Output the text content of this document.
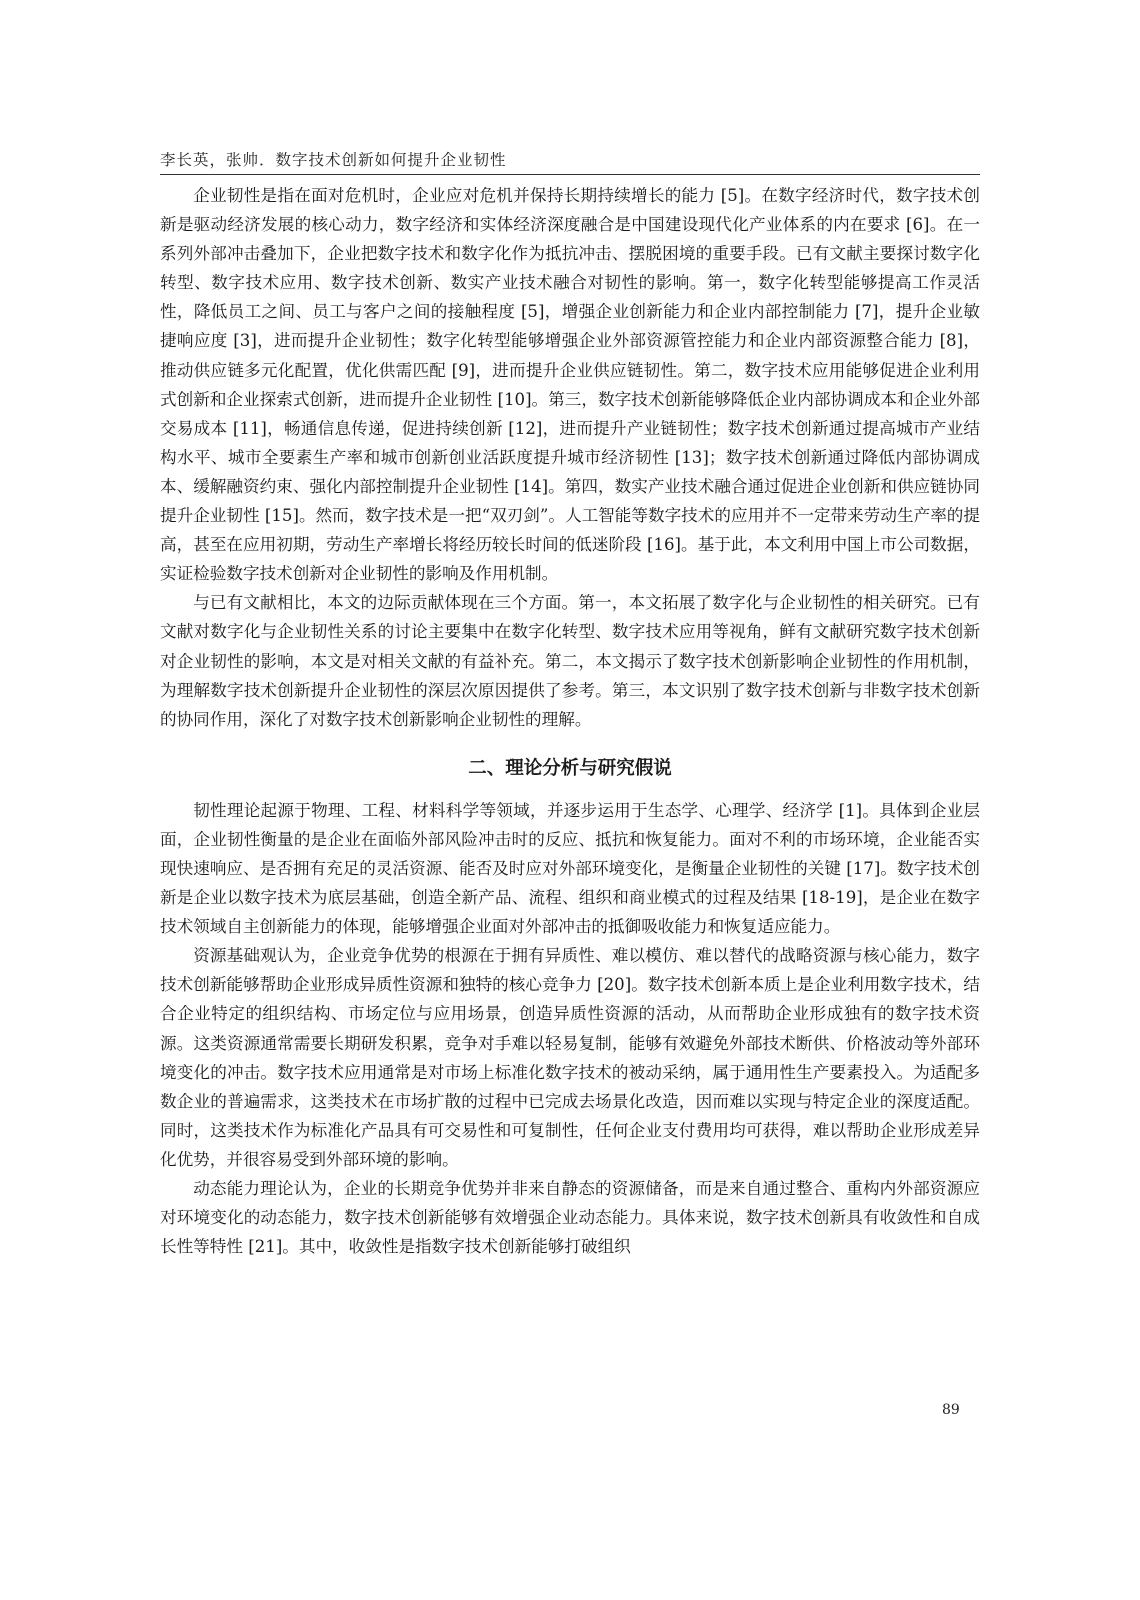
李长英，张帅．数字技术创新如何提升企业韧性

企业韧性是指在面对危机时，企业应对危机并保持长期持续增长的能力 [5]。在数字经济时代，数字技术创新是驱动经济发展的核心动力，数字经济和实体经济深度融合是中国建设现代化产业体系的内在要求 [6]。在一系列外部冲击叠加下，企业把数字技术和数字化作为抵抗冲击、摆脱困境的重要手段。已有文献主要探讨数字化转型、数字技术应用、数字技术创新、数实产业技术融合对韧性的影响。第一，数字化转型能够提高工作灵活性，降低员工之间、员工与客户之间的接触程度 [5]，增强企业创新能力和企业内部控制能力 [7]，提升企业敏捷响应度 [3]，进而提升企业韧性；数字化转型能够增强企业外部资源管控能力和企业内部资源整合能力 [8]，推动供应链多元化配置，优化供需匹配 [9]，进而提升企业供应链韧性。第二，数字技术应用能够促进企业利用式创新和企业探索式创新，进而提升企业韧性 [10]。第三，数字技术创新能够降低企业内部协调成本和企业外部交易成本 [11]，畅通信息传递，促进持续创新 [12]，进而提升产业链韧性；数字技术创新通过提高城市产业结构水平、城市全要素生产率和城市创新创业活跃度提升城市经济韧性 [13]；数字技术创新通过降低内部协调成本、缓解融资约束、强化内部控制提升企业韧性 [14]。第四，数实产业技术融合通过促进企业创新和供应链协同提升企业韧性 [15]。然而，数字技术是一把“双刃剑”。人工智能等数字技术的应用并不一定带来劳动生产率的提高，甚至在应用初期，劳动生产率增长将经历较长时间的低迷阶段 [16]。基于此，本文利用中国上市公司数据，实证检验数字技术创新对企业韧性的影响及作用机制。

与已有文献相比，本文的边际贡献体现在三个方面。第一，本文拓展了数字化与企业韧性的相关研究。已有文献对数字化与企业韧性关系的讨论主要集中在数字化转型、数字技术应用等视角，鲜有文献研究数字技术创新对企业韧性的影响，本文是对相关文献的有益补充。第二，本文揭示了数字技术创新影响企业韧性的作用机制，为理解数字技术创新提升企业韧性的深层次原因提供了参考。第三，本文识别了数字技术创新与非数字技术创新的协同作用，深化了对数字技术创新影响企业韧性的理解。

二、理论分析与研究假说

韧性理论起源于物理、工程、材料科学等领域，并逐步运用于生态学、心理学、经济学 [1]。具体到企业层面，企业韧性衡量的是企业在面临外部风险冲击时的反应、抵抗和恢复能力。面对不利的市场环境，企业能否实现快速响应、是否拥有充足的灵活资源、能否及时应对外部环境变化，是衡量企业韧性的关键 [17]。数字技术创新是企业以数字技术为底层基础，创造全新产品、流程、组织和商业模式的过程及结果 [18-19]，是企业在数字技术领域自主创新能力的体现，能够增强企业面对外部冲击的抵御吸收能力和恢复适应能力。

资源基础观认为，企业竞争优势的根源在于拥有异质性、难以模仿、难以替代的战略资源与核心能力，数字技术创新能够帮助企业形成异质性资源和独特的核心竞争力 [20]。数字技术创新本质上是企业利用数字技术，结合企业特定的组织结构、市场定位与应用场景，创造异质性资源的活动，从而帮助企业形成独有的数字技术资源。这类资源通常需要长期研发积累，竞争对手难以轻易复制，能够有效避免外部技术断供、价格波动等外部环境变化的冲击。数字技术应用通常是对市场上标准化数字技术的被动采纳，属于通用性生产要素投入。为适配多数企业的普遍需求，这类技术在市场扩散的过程中已完成去场景化改造，因而难以实现与特定企业的深度适配。同时，这类技术作为标准化产品具有可交易性和可复制性，任何企业支付费用均可获得，难以帮助企业形成差异化优势，并很容易受到外部环境的影响。

动态能力理论认为，企业的长期竞争优势并非来自静态的资源储备，而是来自通过整合、重构内外部资源应对环境变化的动态能力，数字技术创新能够有效增强企业动态能力。具体来说，数字技术创新具有收敛性和自成长性等特性 [21]。其中，收敛性是指数字技术创新能够打破组织

89
